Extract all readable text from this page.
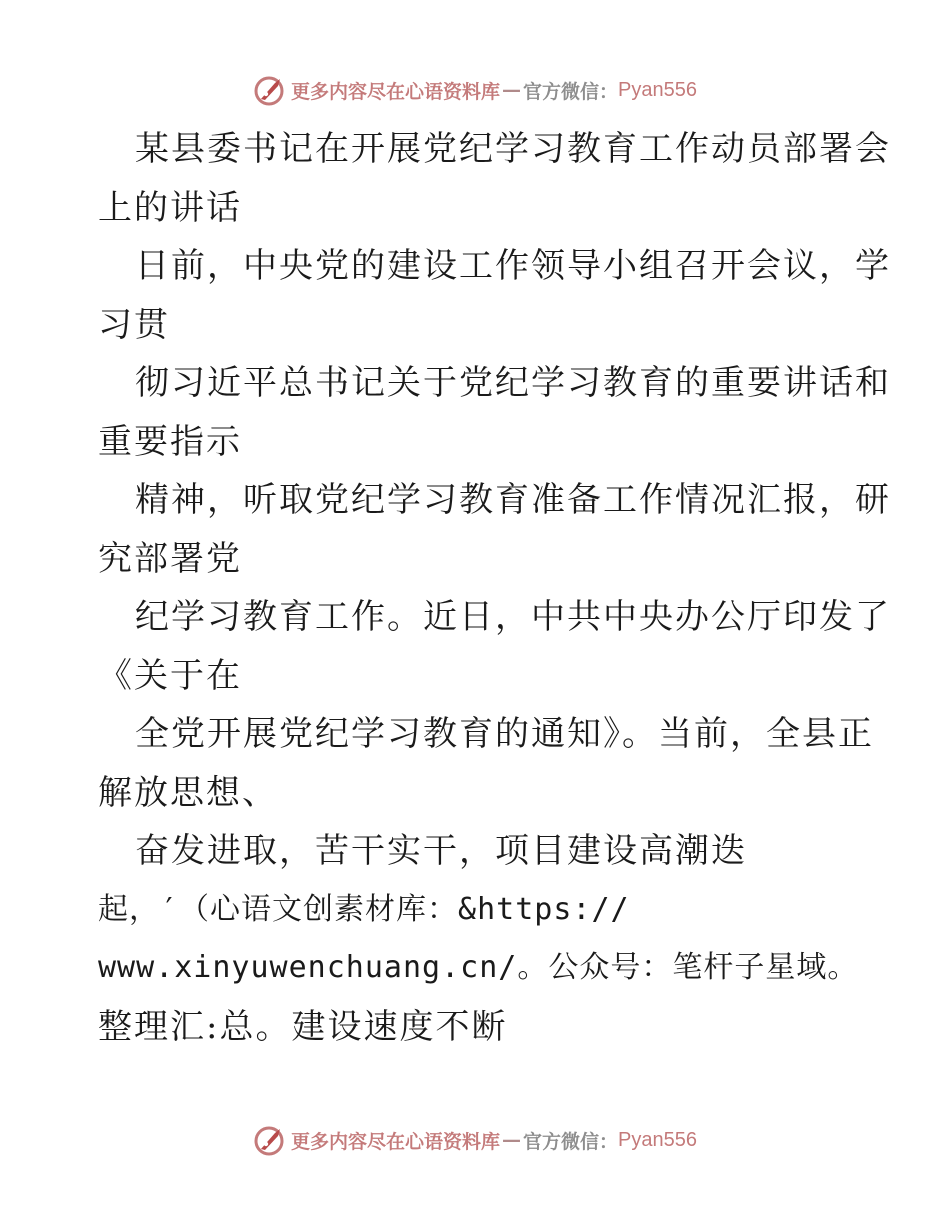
更多内容尽在心语资料库 — 官方微信： Pyan556
某县委书记在开展党纪学习教育工作动员部署会
上的讲话
日前，中央党的建设工作领导小组召开会议，学
习贯
彻习近平总书记关于党纪学习教育的重要讲话和
重要指示
精神，听取党纪学习教育准备工作情况汇报，研
究部署党
纪学习教育工作。近日，中共中央办公厅印发了
《关于在
全党开展党纪学习教育的通知》。当前，全县正
解放思想、
奋发进取，苦干实干，项目建设高潮迭
起，′（心语文创素材库：&https://
www.xinyuwenchuang.cn/。公众号：笔杆子星域。
整理汇:总。建设速度不断
更多内容尽在心语资料库 — 官方微信： Pyan556
